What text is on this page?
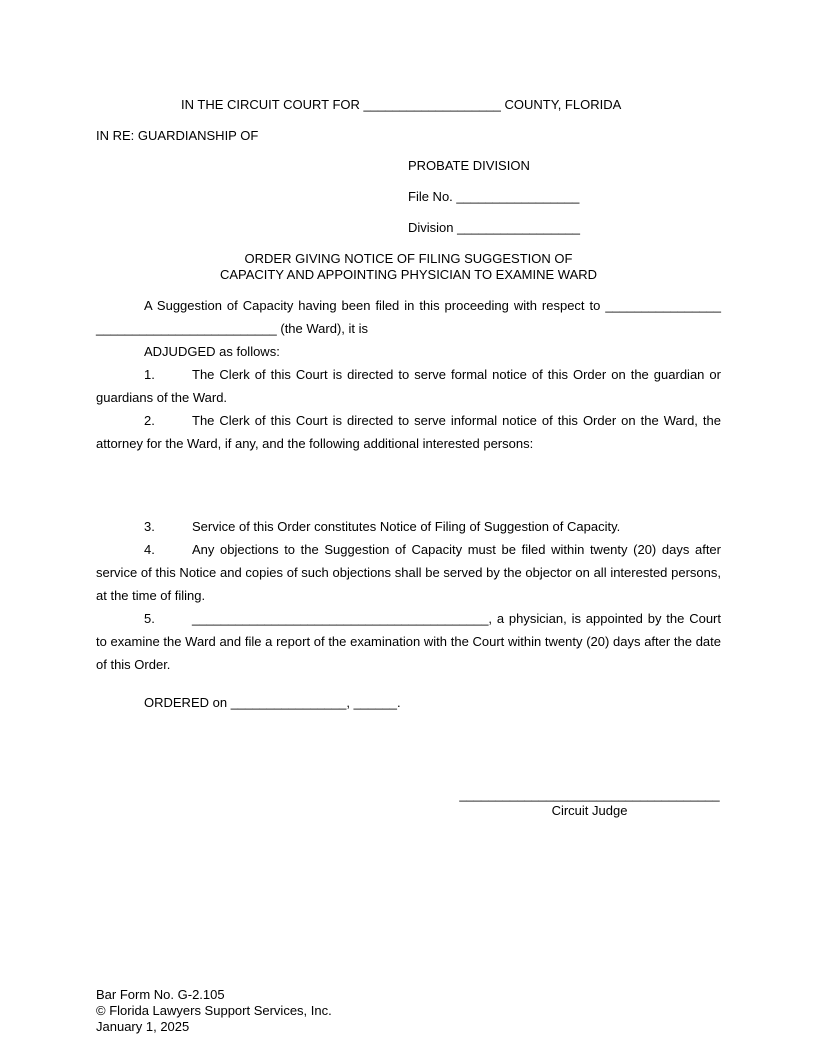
IN THE CIRCUIT COURT FOR ___________________ COUNTY, FLORIDA
IN RE: GUARDIANSHIP OF
PROBATE DIVISION
File No. _________________
Division _________________
ORDER GIVING NOTICE OF FILING SUGGESTION OF
CAPACITY AND APPOINTING PHYSICIAN TO EXAMINE WARD
A Suggestion of Capacity having been filed in this proceeding with respect to ________________ _________________________ (the Ward), it is
ADJUDGED as follows:
1.	The Clerk of this Court is directed to serve formal notice of this Order on the guardian or guardians of the Ward.
2.	The Clerk of this Court is directed to serve informal notice of this Order on the Ward, the attorney for the Ward, if any, and the following additional interested persons:
3.	Service of this Order constitutes Notice of Filing of Suggestion of Capacity.
4.	Any objections to the Suggestion of Capacity must be filed within twenty (20) days after service of this Notice and copies of such objections shall be served by the objector on all interested persons, at the time of filing.
5.	_________________________________________, a physician, is appointed by the Court to examine the Ward and file a report of the examination with the Court within twenty (20) days after the date of this Order.
ORDERED on ________________, ______.
____________________________________
Circuit Judge
Bar Form No. G-2.105
© Florida Lawyers Support Services, Inc.
January 1, 2025
